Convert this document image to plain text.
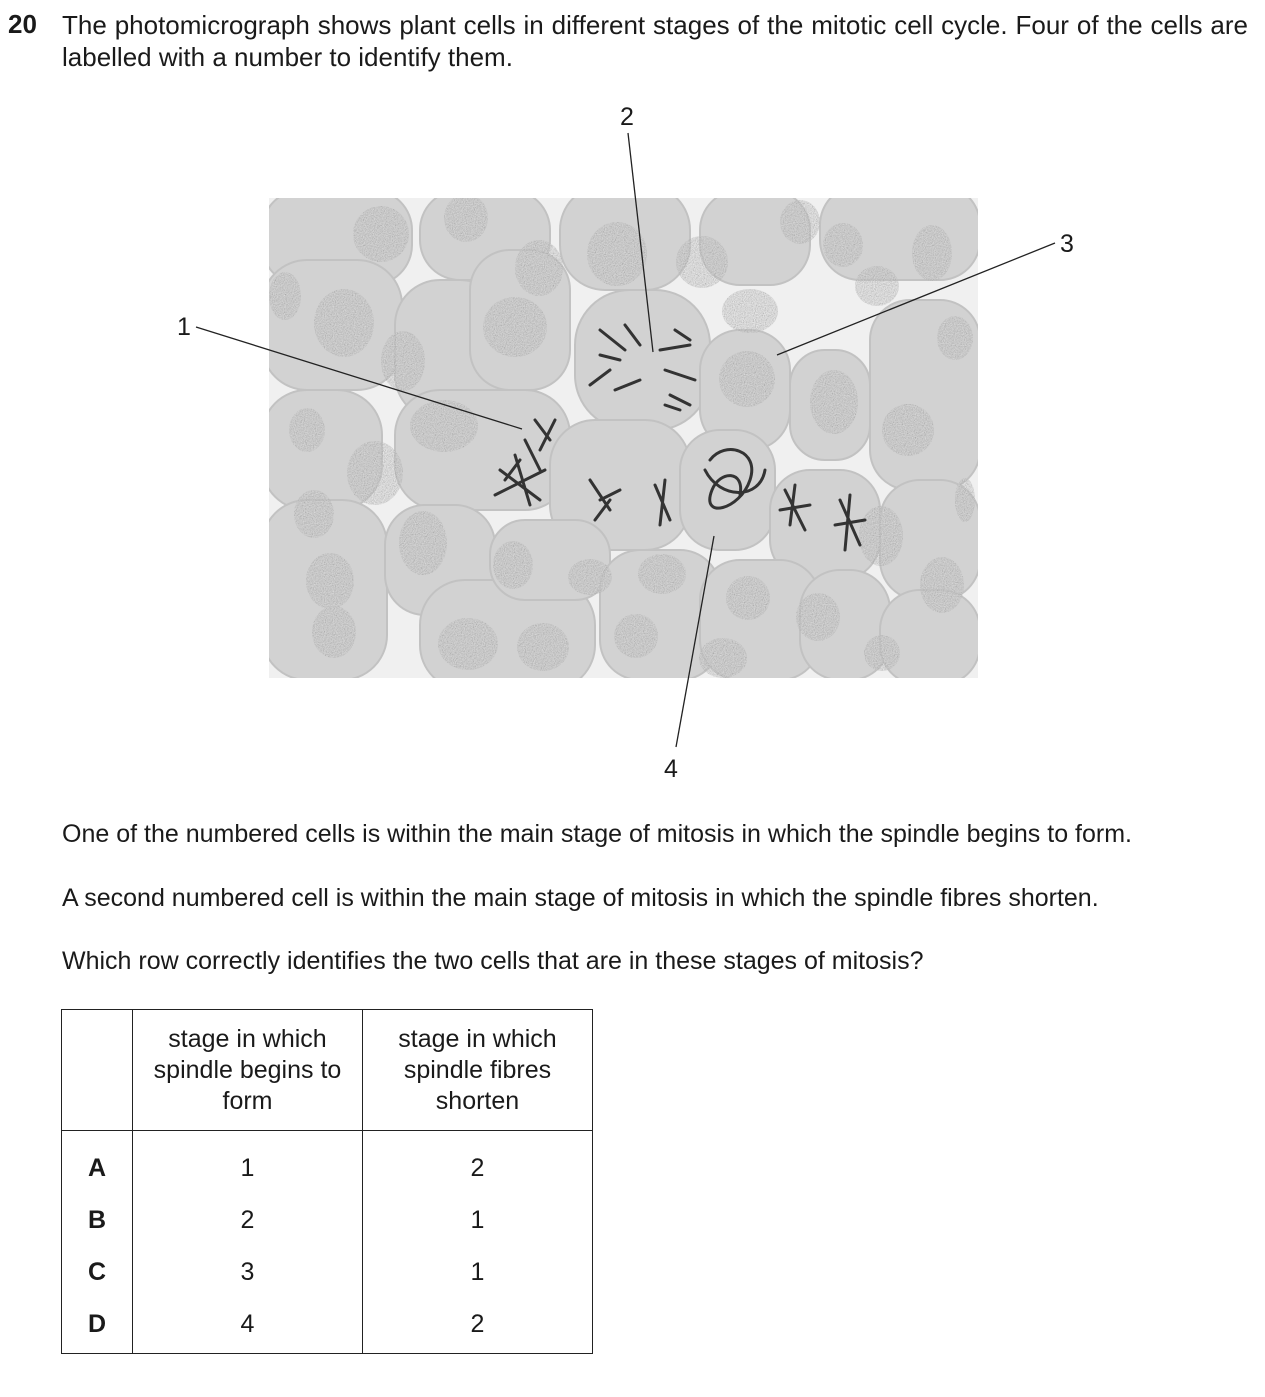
20 The photomicrograph shows plant cells in different stages of the mitotic cell cycle. Four of the cells are labelled with a number to identify them.
1
2
3
4
One of the numbered cells is within the main stage of mitosis in which the spindle begins to form.
A second numbered cell is within the main stage of mitosis in which the spindle fibres shorten.
Which row correctly identifies the two cells that are in these stages of mitosis?
	stage in which spindle begins to form	stage in which spindle fibres shorten
A	1	2
B	2	1
C	3	1
D	4	2
